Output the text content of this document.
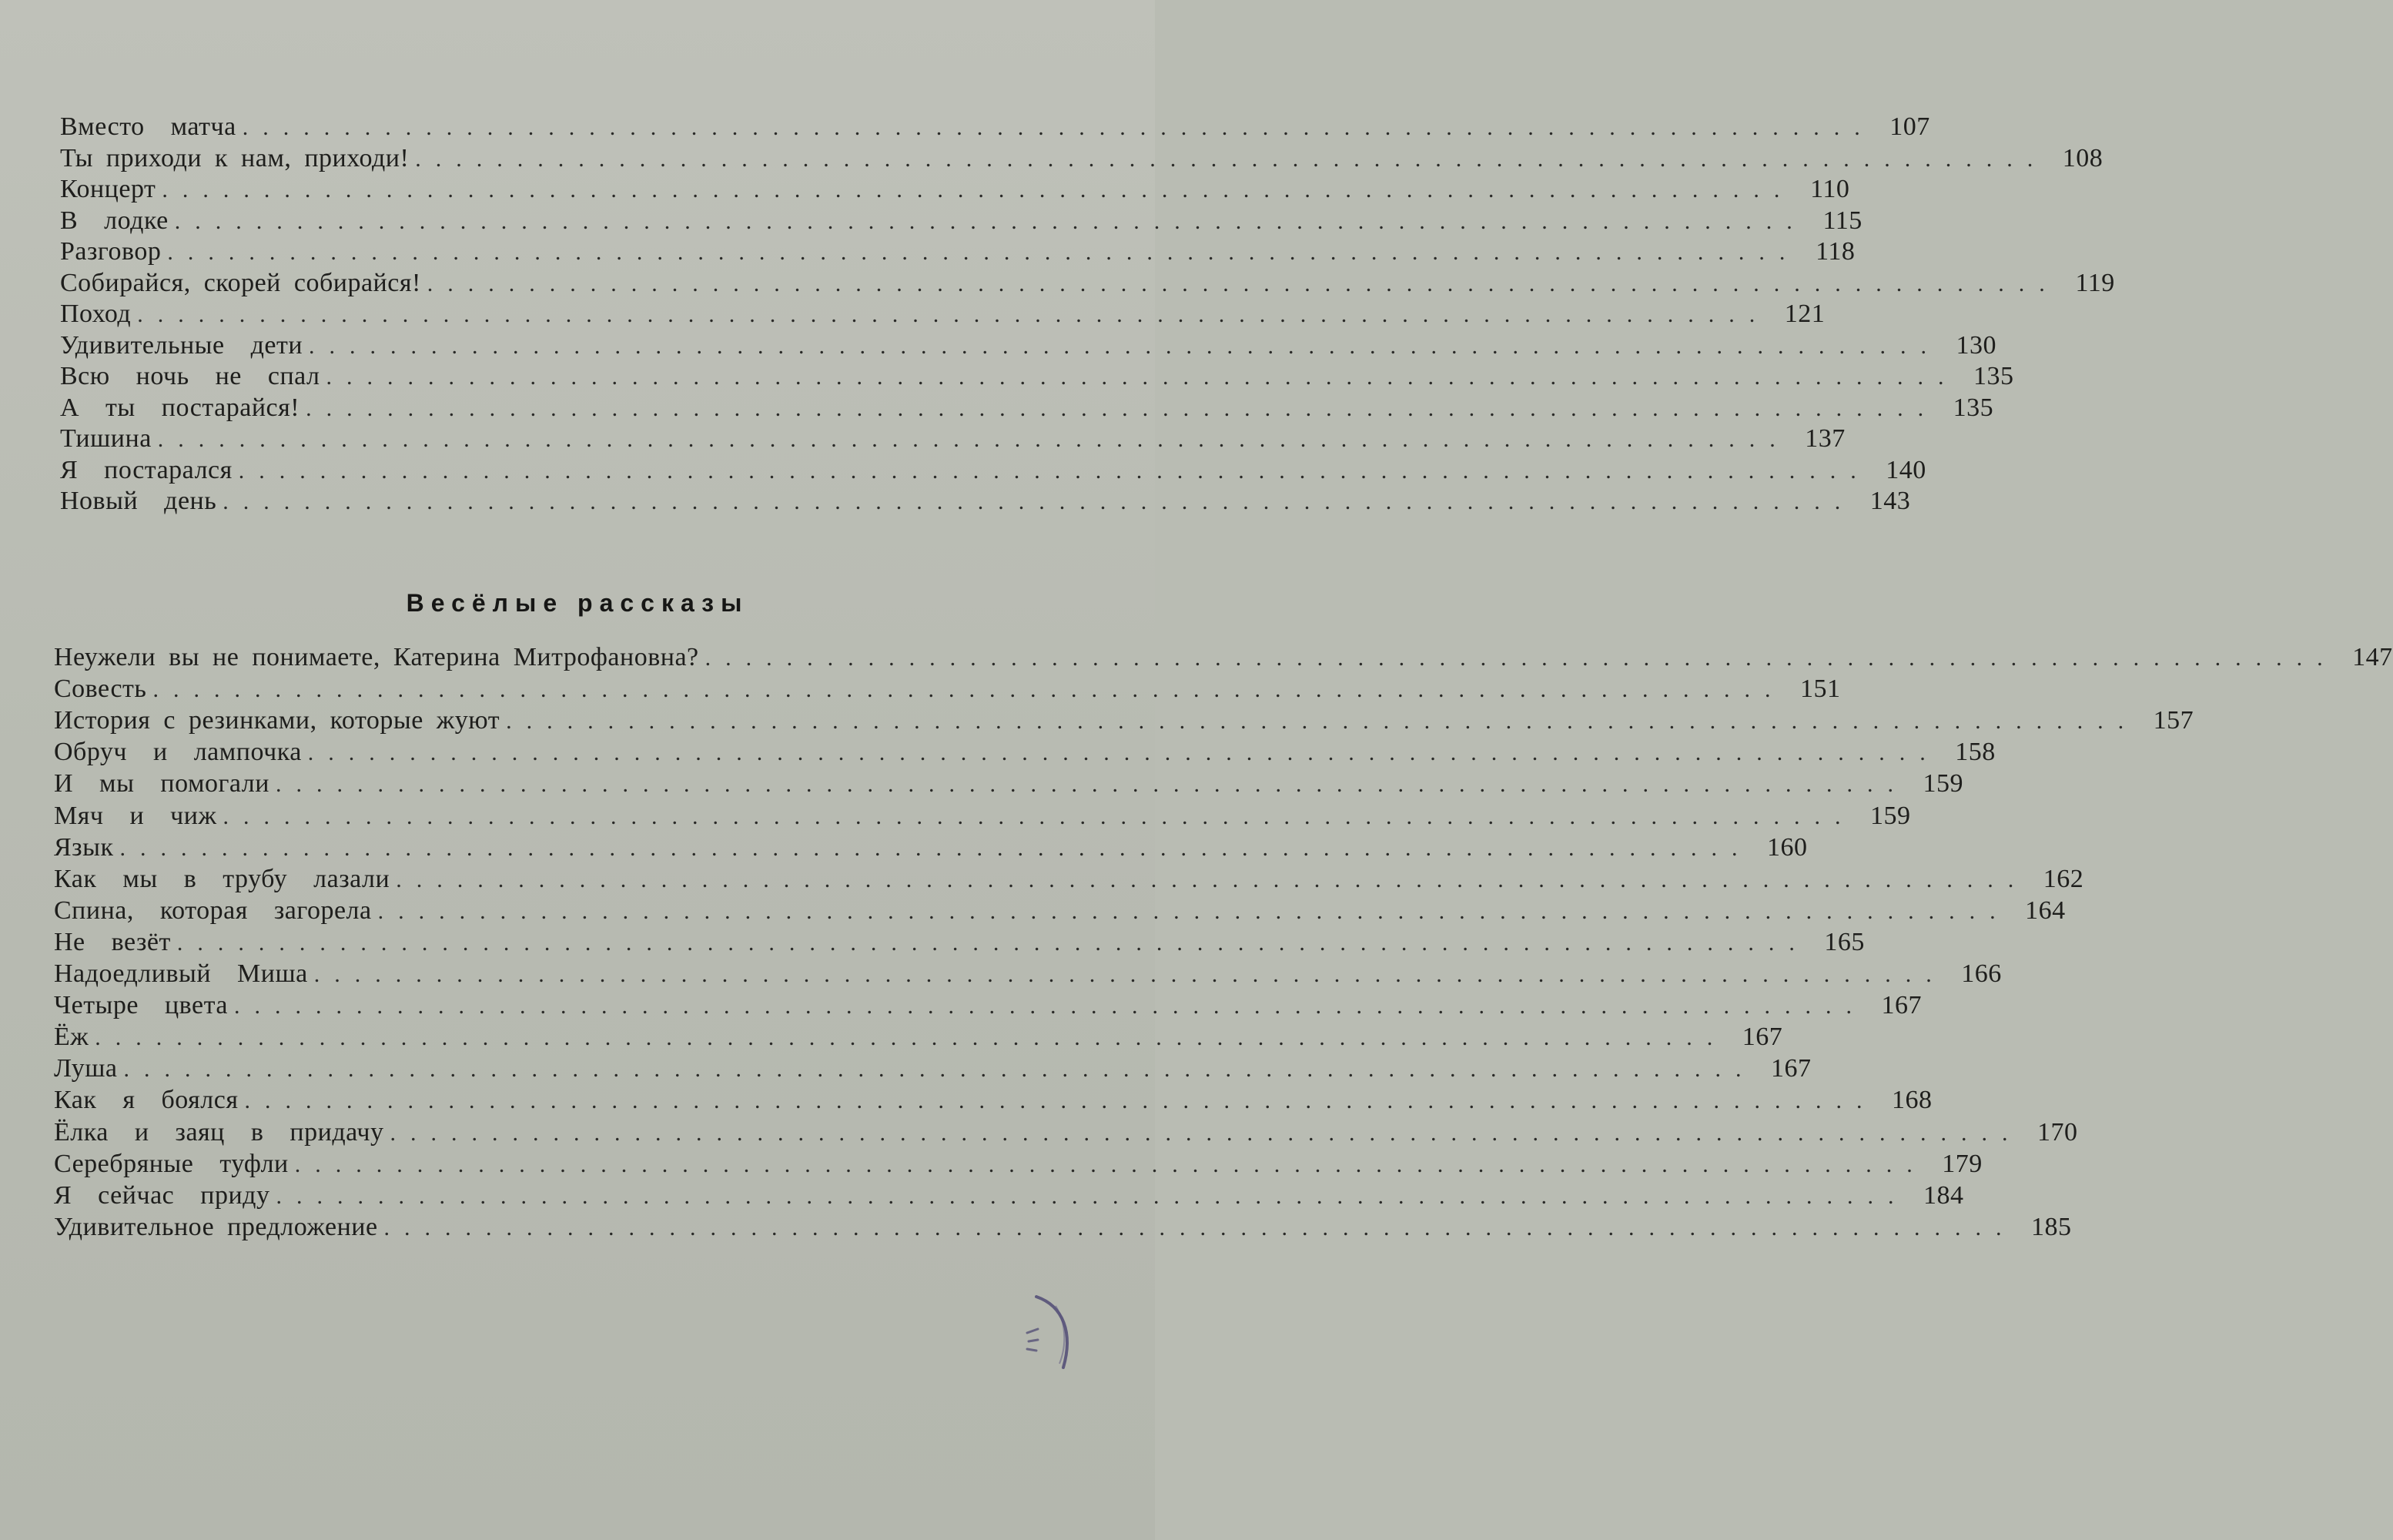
Вместо  матча ................................................................................ 107
Ты приходи к нам, приходи! ................................................................................ 108
Концерт ................................................................................ 110
В  лодке ................................................................................ 115
Разговор ................................................................................ 118
Собирайся, скорей собирайся! ................................................................................ 119
Поход ................................................................................ 121
Удивительные  дети ................................................................................ 130
Всю  ночь  не  спал ................................................................................ 135
А  ты  постарайся! ................................................................................ 135
Тишина ................................................................................ 137
Я  постарался ................................................................................ 140
Новый  день ................................................................................ 143
Весёлые рассказы
Неужели вы не понимаете, Катерина Митрофановна? ................................................................................ 147
Совесть ................................................................................ 151
История с резинками, которые жуют ................................................................................ 157
Обруч  и  лампочка ................................................................................ 158
И  мы  помогали ................................................................................ 159
Мяч  и  чиж ................................................................................ 159
Язык ................................................................................ 160
Как  мы  в  трубу  лазали ................................................................................ 162
Спина,  которая  загорела ................................................................................ 164
Не  везёт ................................................................................ 165
Надоедливый  Миша ................................................................................ 166
Четыре  цвета ................................................................................ 167
Ёж ................................................................................ 167
Луша ................................................................................ 167
Как  я  боялся ................................................................................ 168
Ёлка  и  заяц  в  придачу ................................................................................ 170
Серебряные  туфли ................................................................................ 179
Я  сейчас  приду ................................................................................ 184
Удивительное предложение ................................................................................ 185
